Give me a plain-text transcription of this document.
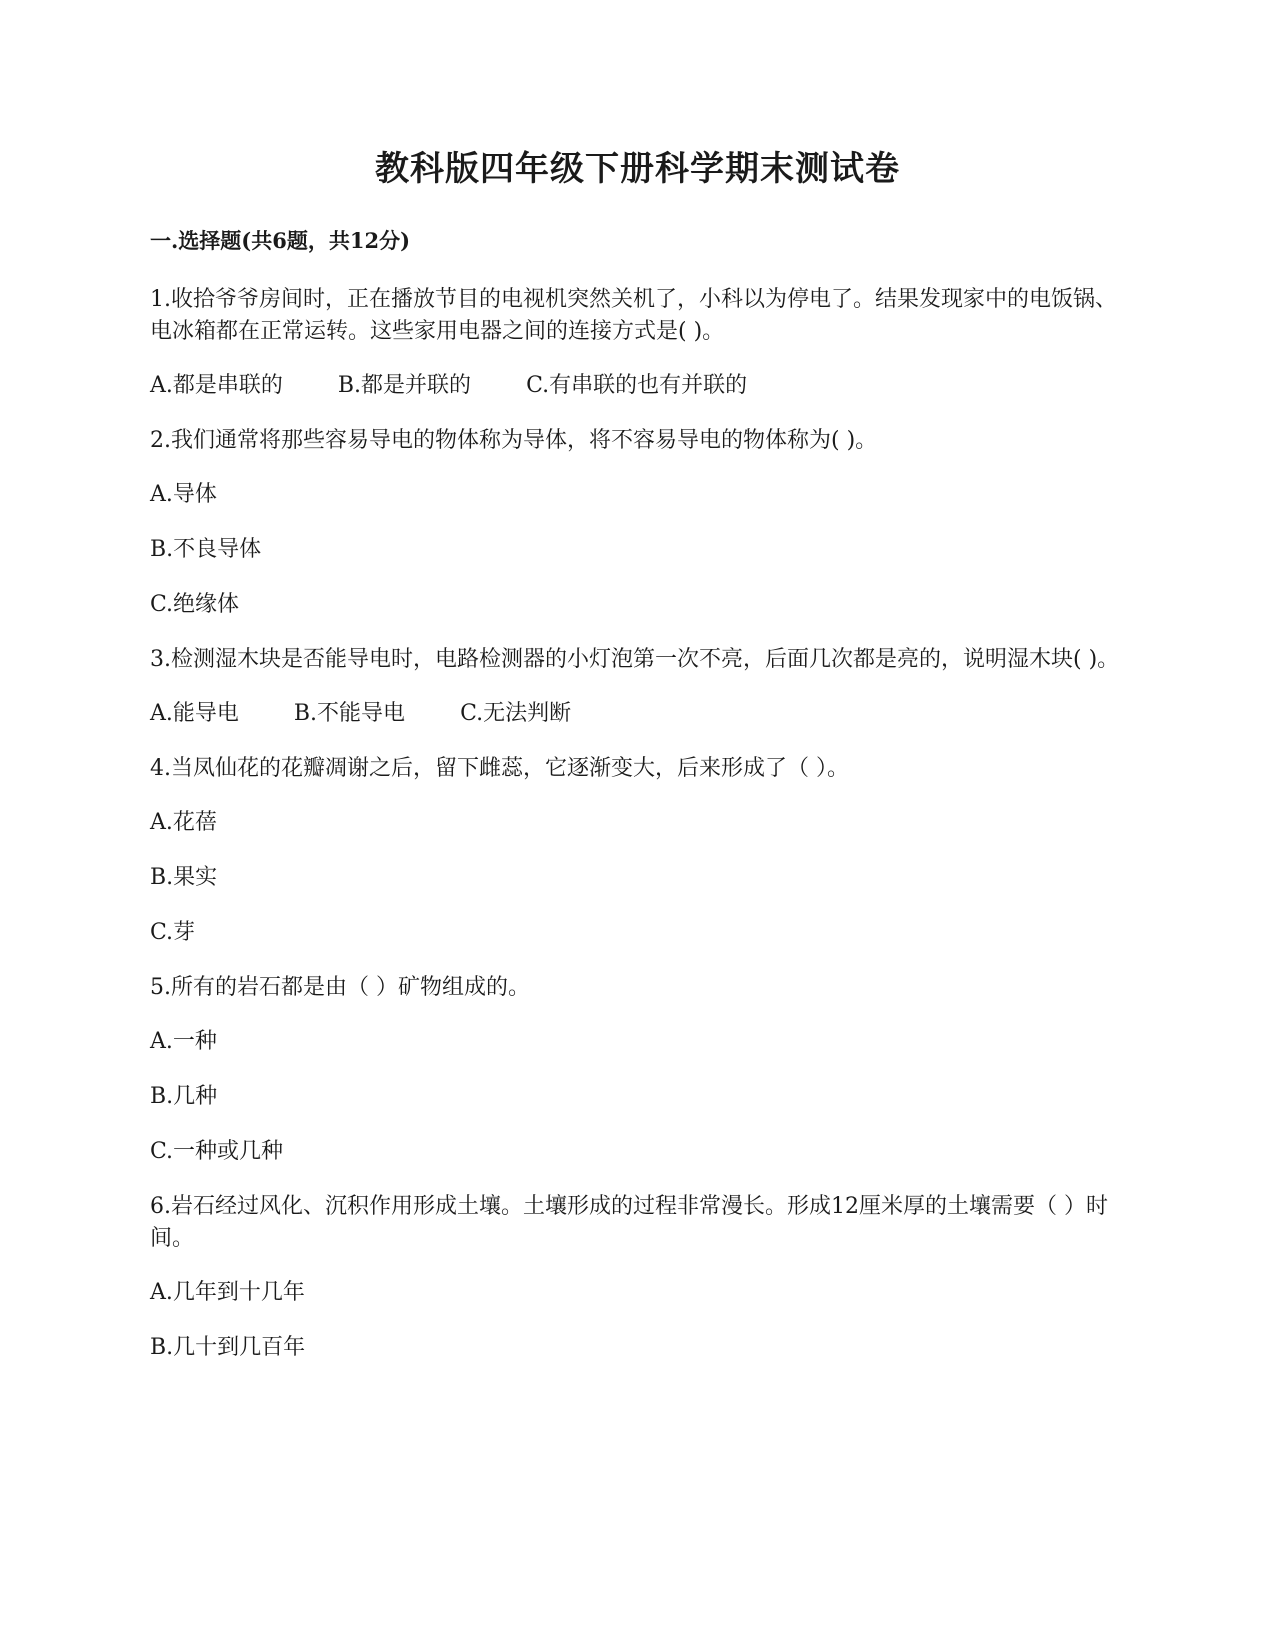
教科版四年级下册科学期末测试卷
一.选择题(共6题，共12分)
1.收拾爷爷房间时，正在播放节目的电视机突然关机了，小科以为停电了。结果发现家中的电饭锅、电冰箱都在正常运转。这些家用电器之间的连接方式是( )。
A.都是串联的	B.都是并联的	C.有串联的也有并联的
2.我们通常将那些容易导电的物体称为导体，将不容易导电的物体称为( )。
A.导体
B.不良导体
C.绝缘体
3.检测湿木块是否能导电时，电路检测器的小灯泡第一次不亮，后面几次都是亮的，说明湿木块( )。
A.能导电	B.不能导电	C.无法判断
4.当凤仙花的花瓣凋谢之后，留下雌蕊，它逐渐变大，后来形成了（ ）。
A.花蓓
B.果实
C.芽
5.所有的岩石都是由（ ）矿物组成的。
A.一种
B.几种
C.一种或几种
6.岩石经过风化、沉积作用形成土壤。土壤形成的过程非常漫长。形成12厘米厚的土壤需要（ ）时间。
A.几年到十几年
B.几十到几百年
